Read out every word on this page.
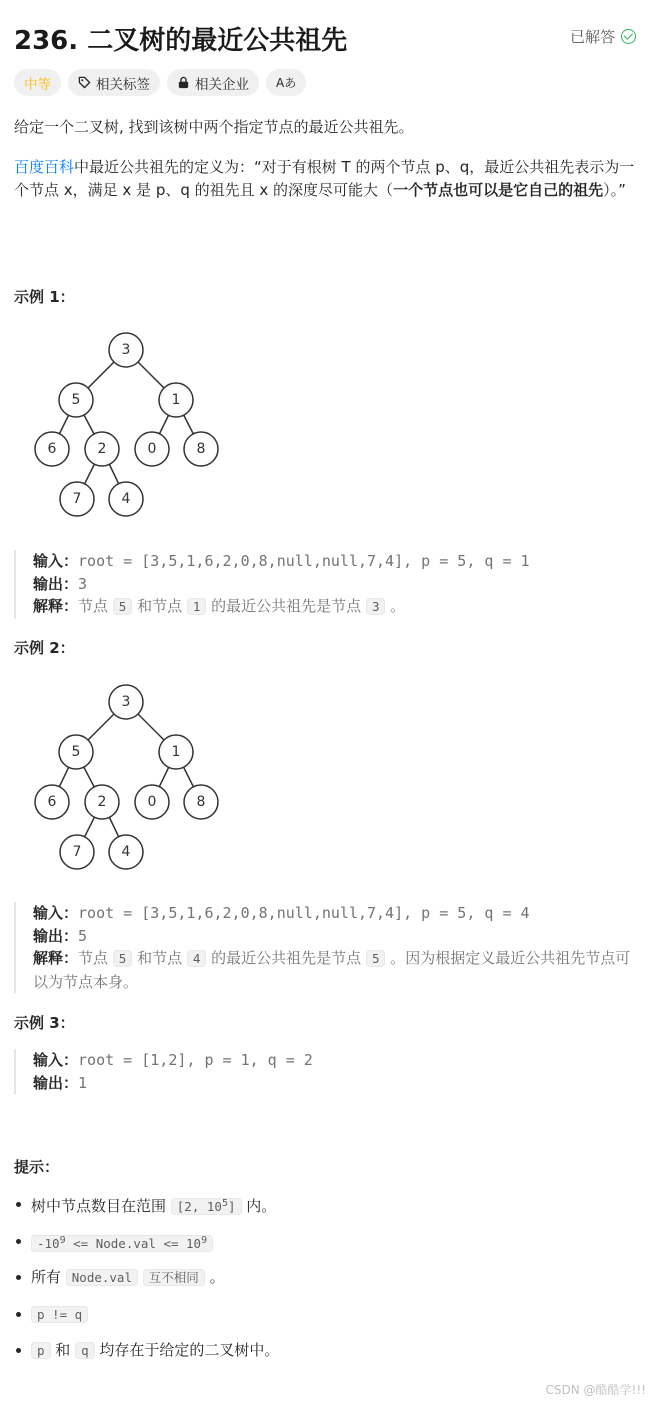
236. 二叉树的最近公共祖先	已解答
中等	相关标签	相关企业 Aあ
给定一个二叉树, 找到该树中两个指定节点的最近公共祖先。
百度百科中最近公共祖先的定义为：“对于有根树 T 的两个节点 p、q，最近公共祖先表示为一个节点 x，满足 x 是 p、q 的祖先且 x 的深度尽可能大（一个节点也可以是它自己的祖先）。”
示例 1：
3
5	1
6	2	0	8
7	4
输入：root = [3,5,1,6,2,0,8,null,null,7,4], p = 5, q = 1
输出：3
解释：节点 5 和节点 1 的最近公共祖先是节点 3 。
示例 2：
3
5	1
6	2	0	8
7	4
输入：root = [3,5,1,6,2,0,8,null,null,7,4], p = 5, q = 4
输出：5
解释：节点 5 和节点 4 的最近公共祖先是节点 5 。因为根据定义最近公共祖先节点可以为节点本身。
示例 3：
输入：root = [1,2], p = 1, q = 2
输出：1
提示：
树中节点数目在范围 [2, $10^5$] 内。
$-10^9$ <= Node.val <= $10^9$
所有 Node.val 互不相同 。
p != q
p 和 q 均存在于给定的二叉树中。
CSDN @酷酷学!!!
